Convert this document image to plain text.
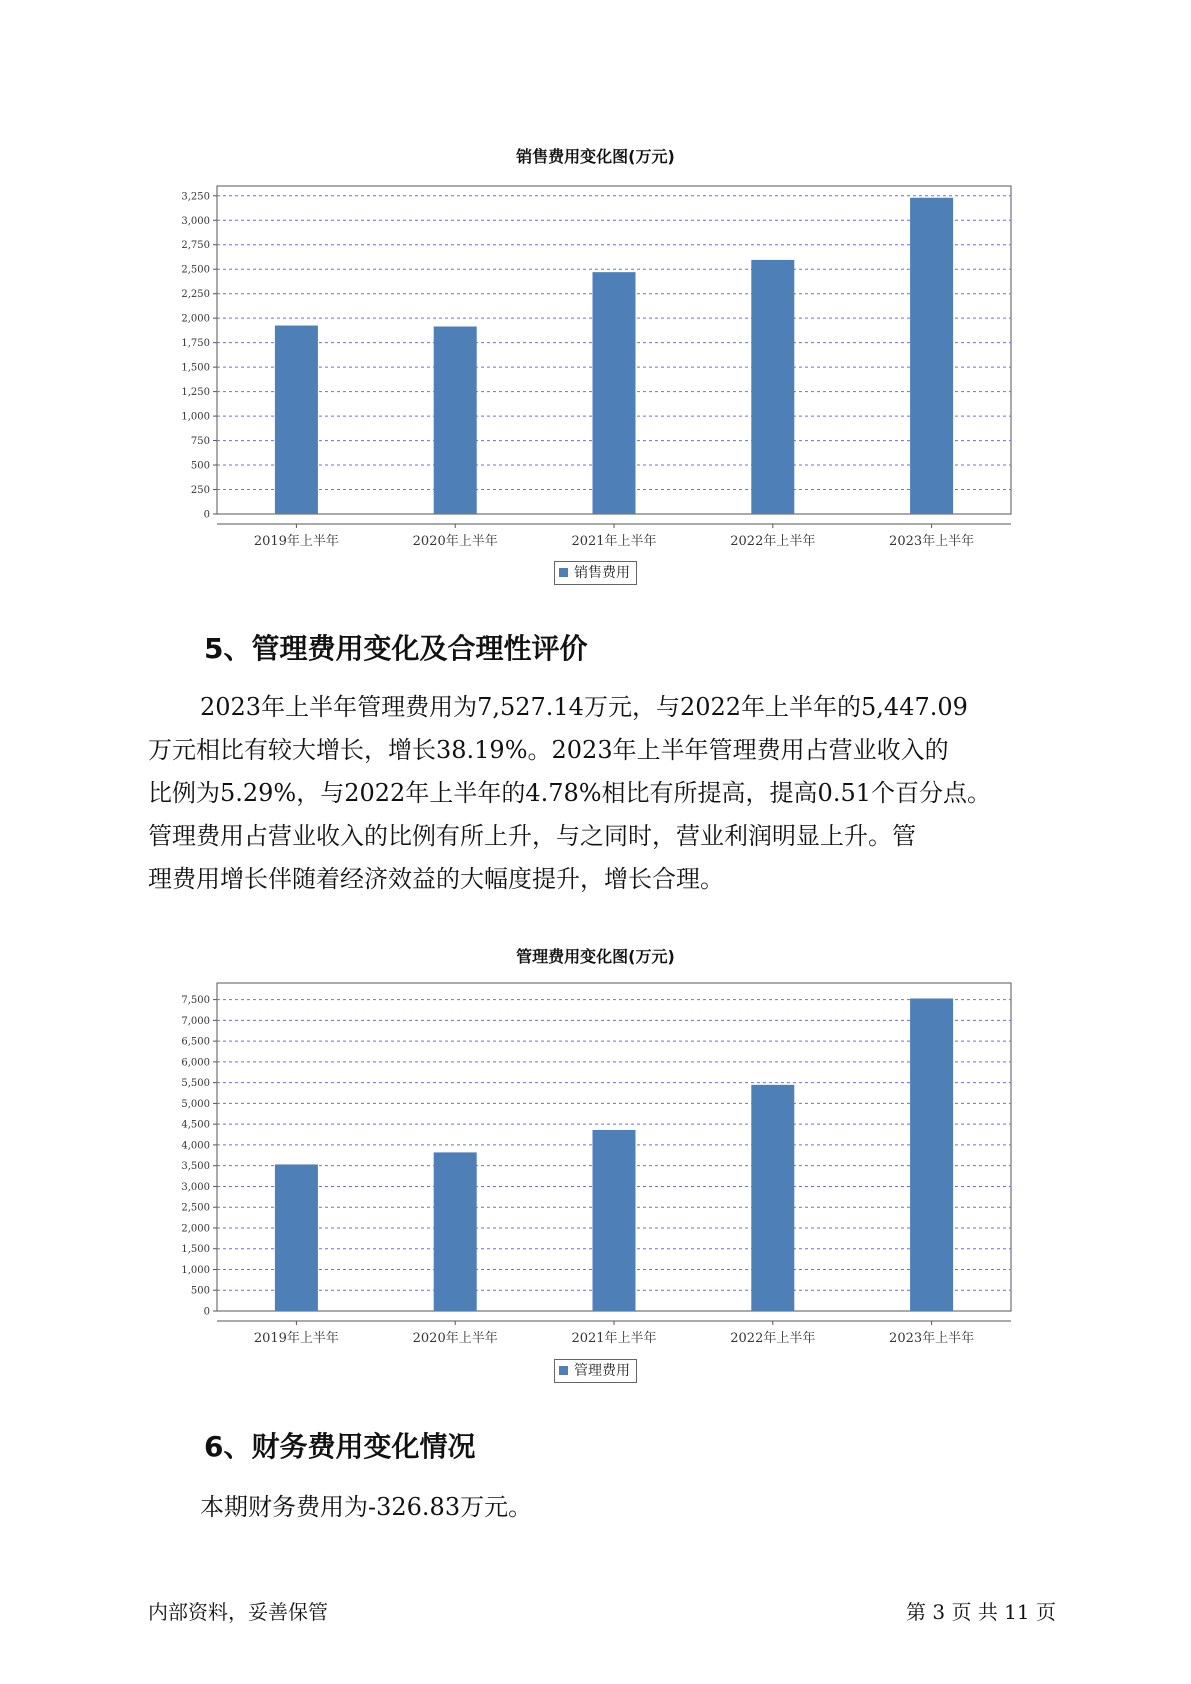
销售费用变化图(万元)
0
250
500
750
1,000
1,250
1,500
1,750
2,000
2,250
2,500
2,750
3,000
3,250
2019年上半年	2020年上半年	2021年上半年	2022年上半年	2023年上半年
销售费用
5、管理费用变化及合理性评价
2023年上半年管理费用为7,527.14万元，与2022年上半年的5,447.09
万元相比有较大增长，增长38.19%。2023年上半年管理费用占营业收入的
比例为5.29%，与2022年上半年的4.78%相比有所提高，提高0.51个百分点。
管理费用占营业收入的比例有所上升，与之同时，营业利润明显上升。管
理费用增长伴随着经济效益的大幅度提升，增长合理。
管理费用变化图(万元)
0
500
1,000
1,500
2,000
2,500
3,000
3,500
4,000
4,500
5,000
5,500
6,000
6,500
7,000
7,500
2019年上半年	2020年上半年	2021年上半年	2022年上半年	2023年上半年
管理费用
6、财务费用变化情况
本期财务费用为-326.83万元。
内部资料，妥善保管	第 3 页 共 11 页
